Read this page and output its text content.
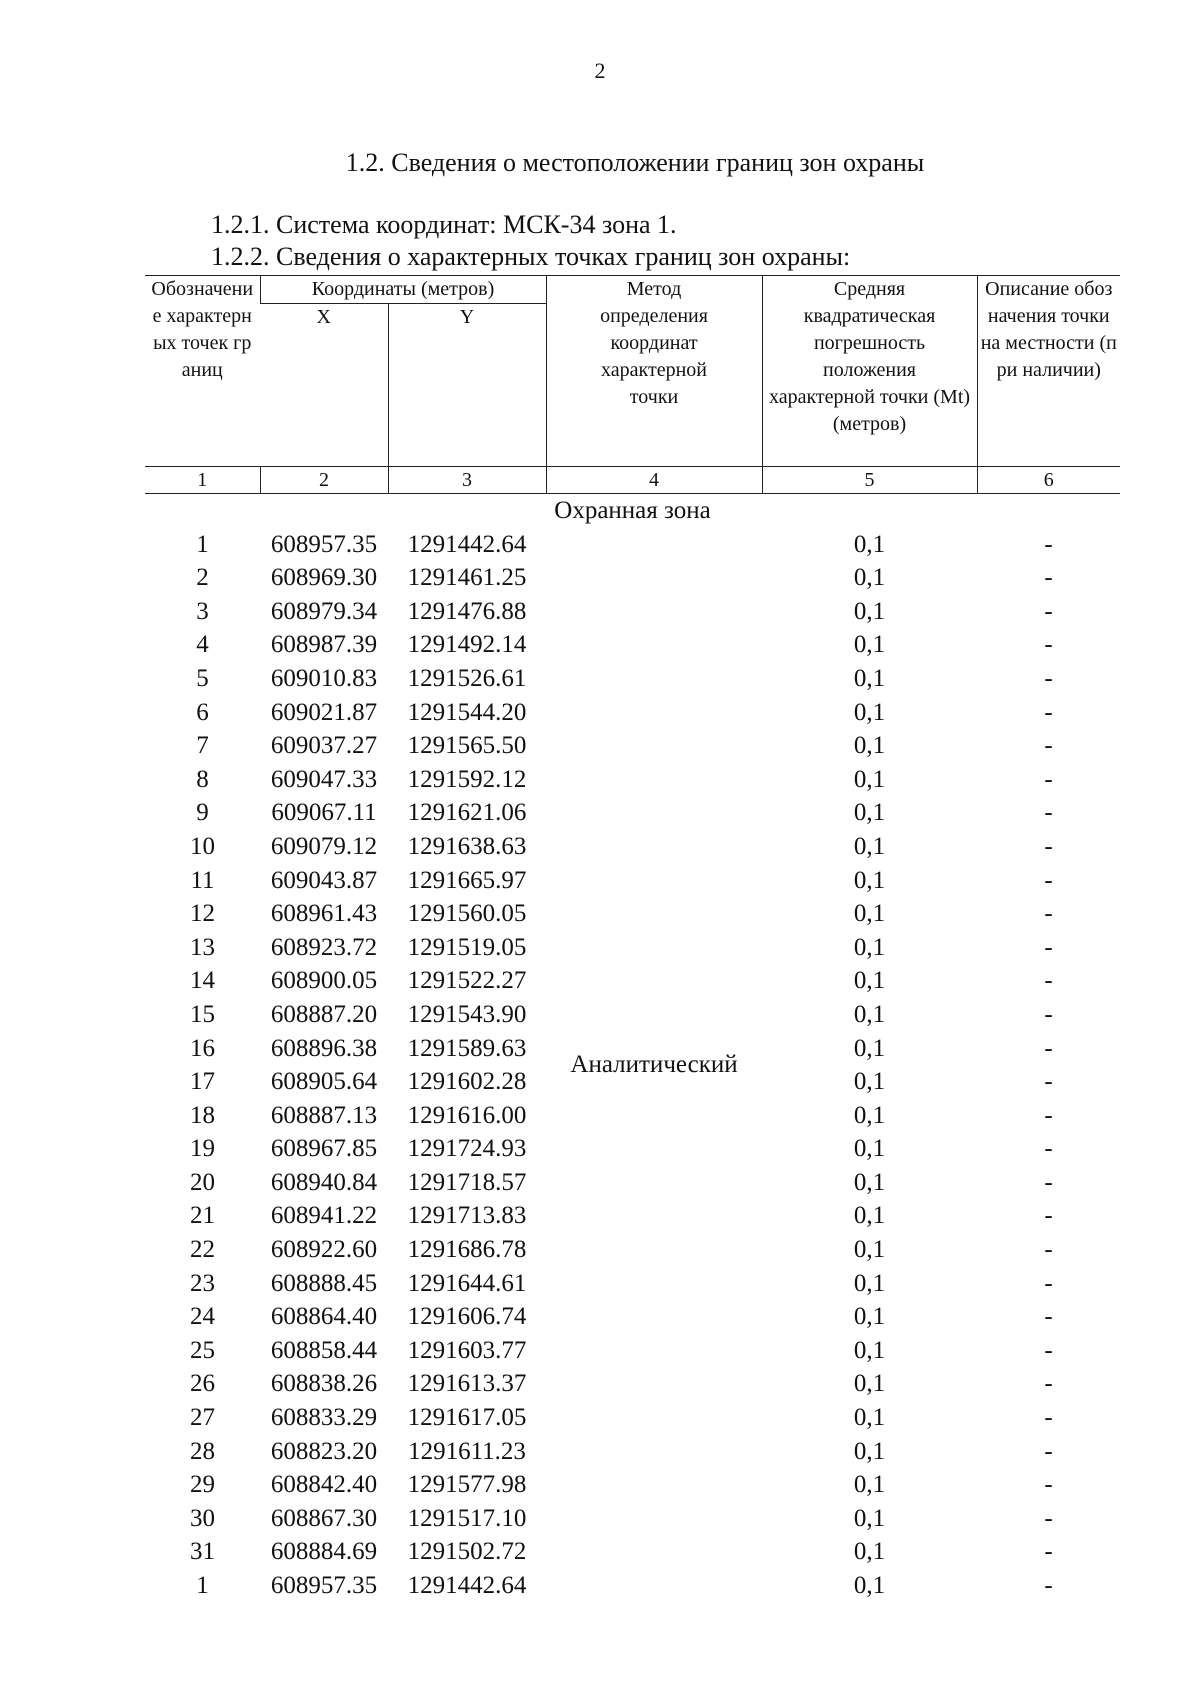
2
1.2. Сведения о местоположении границ зон охраны
1.2.1. Система координат: МСК-34 зона 1.
1.2.2. Сведения о характерных точках границ зон охраны:
Обозначение характерных точек границ	Координаты (метров)		Метод определения координат характерной точки	Средняя квадратическая погрешность положения характерной точки (Mt) (метров)	Описание обозначения точки на местности (при наличии)
	X	Y			
1	2	3	4	5	6
Охранная зона					
1	608957.35	1291442.64	Аналитический	0,1	-
2	608969.30	1291461.25		0,1	-
3	608979.34	1291476.88		0,1	-
4	608987.39	1291492.14		0,1	-
5	609010.83	1291526.61		0,1	-
6	609021.87	1291544.20		0,1	-
7	609037.27	1291565.50		0,1	-
8	609047.33	1291592.12		0,1	-
9	609067.11	1291621.06		0,1	-
10	609079.12	1291638.63		0,1	-
11	609043.87	1291665.97		0,1	-
12	608961.43	1291560.05		0,1	-
13	608923.72	1291519.05		0,1	-
14	608900.05	1291522.27		0,1	-
15	608887.20	1291543.90		0,1	-
16	608896.38	1291589.63		0,1	-
17	608905.64	1291602.28		0,1	-
18	608887.13	1291616.00		0,1	-
19	608967.85	1291724.93		0,1	-
20	608940.84	1291718.57		0,1	-
21	608941.22	1291713.83		0,1	-
22	608922.60	1291686.78		0,1	-
23	608888.45	1291644.61		0,1	-
24	608864.40	1291606.74		0,1	-
25	608858.44	1291603.77		0,1	-
26	608838.26	1291613.37		0,1	-
27	608833.29	1291617.05		0,1	-
28	608823.20	1291611.23		0,1	-
29	608842.40	1291577.98		0,1	-
30	608867.30	1291517.10		0,1	-
31	608884.69	1291502.72		0,1	-
1	608957.35	1291442.64		0,1	-
